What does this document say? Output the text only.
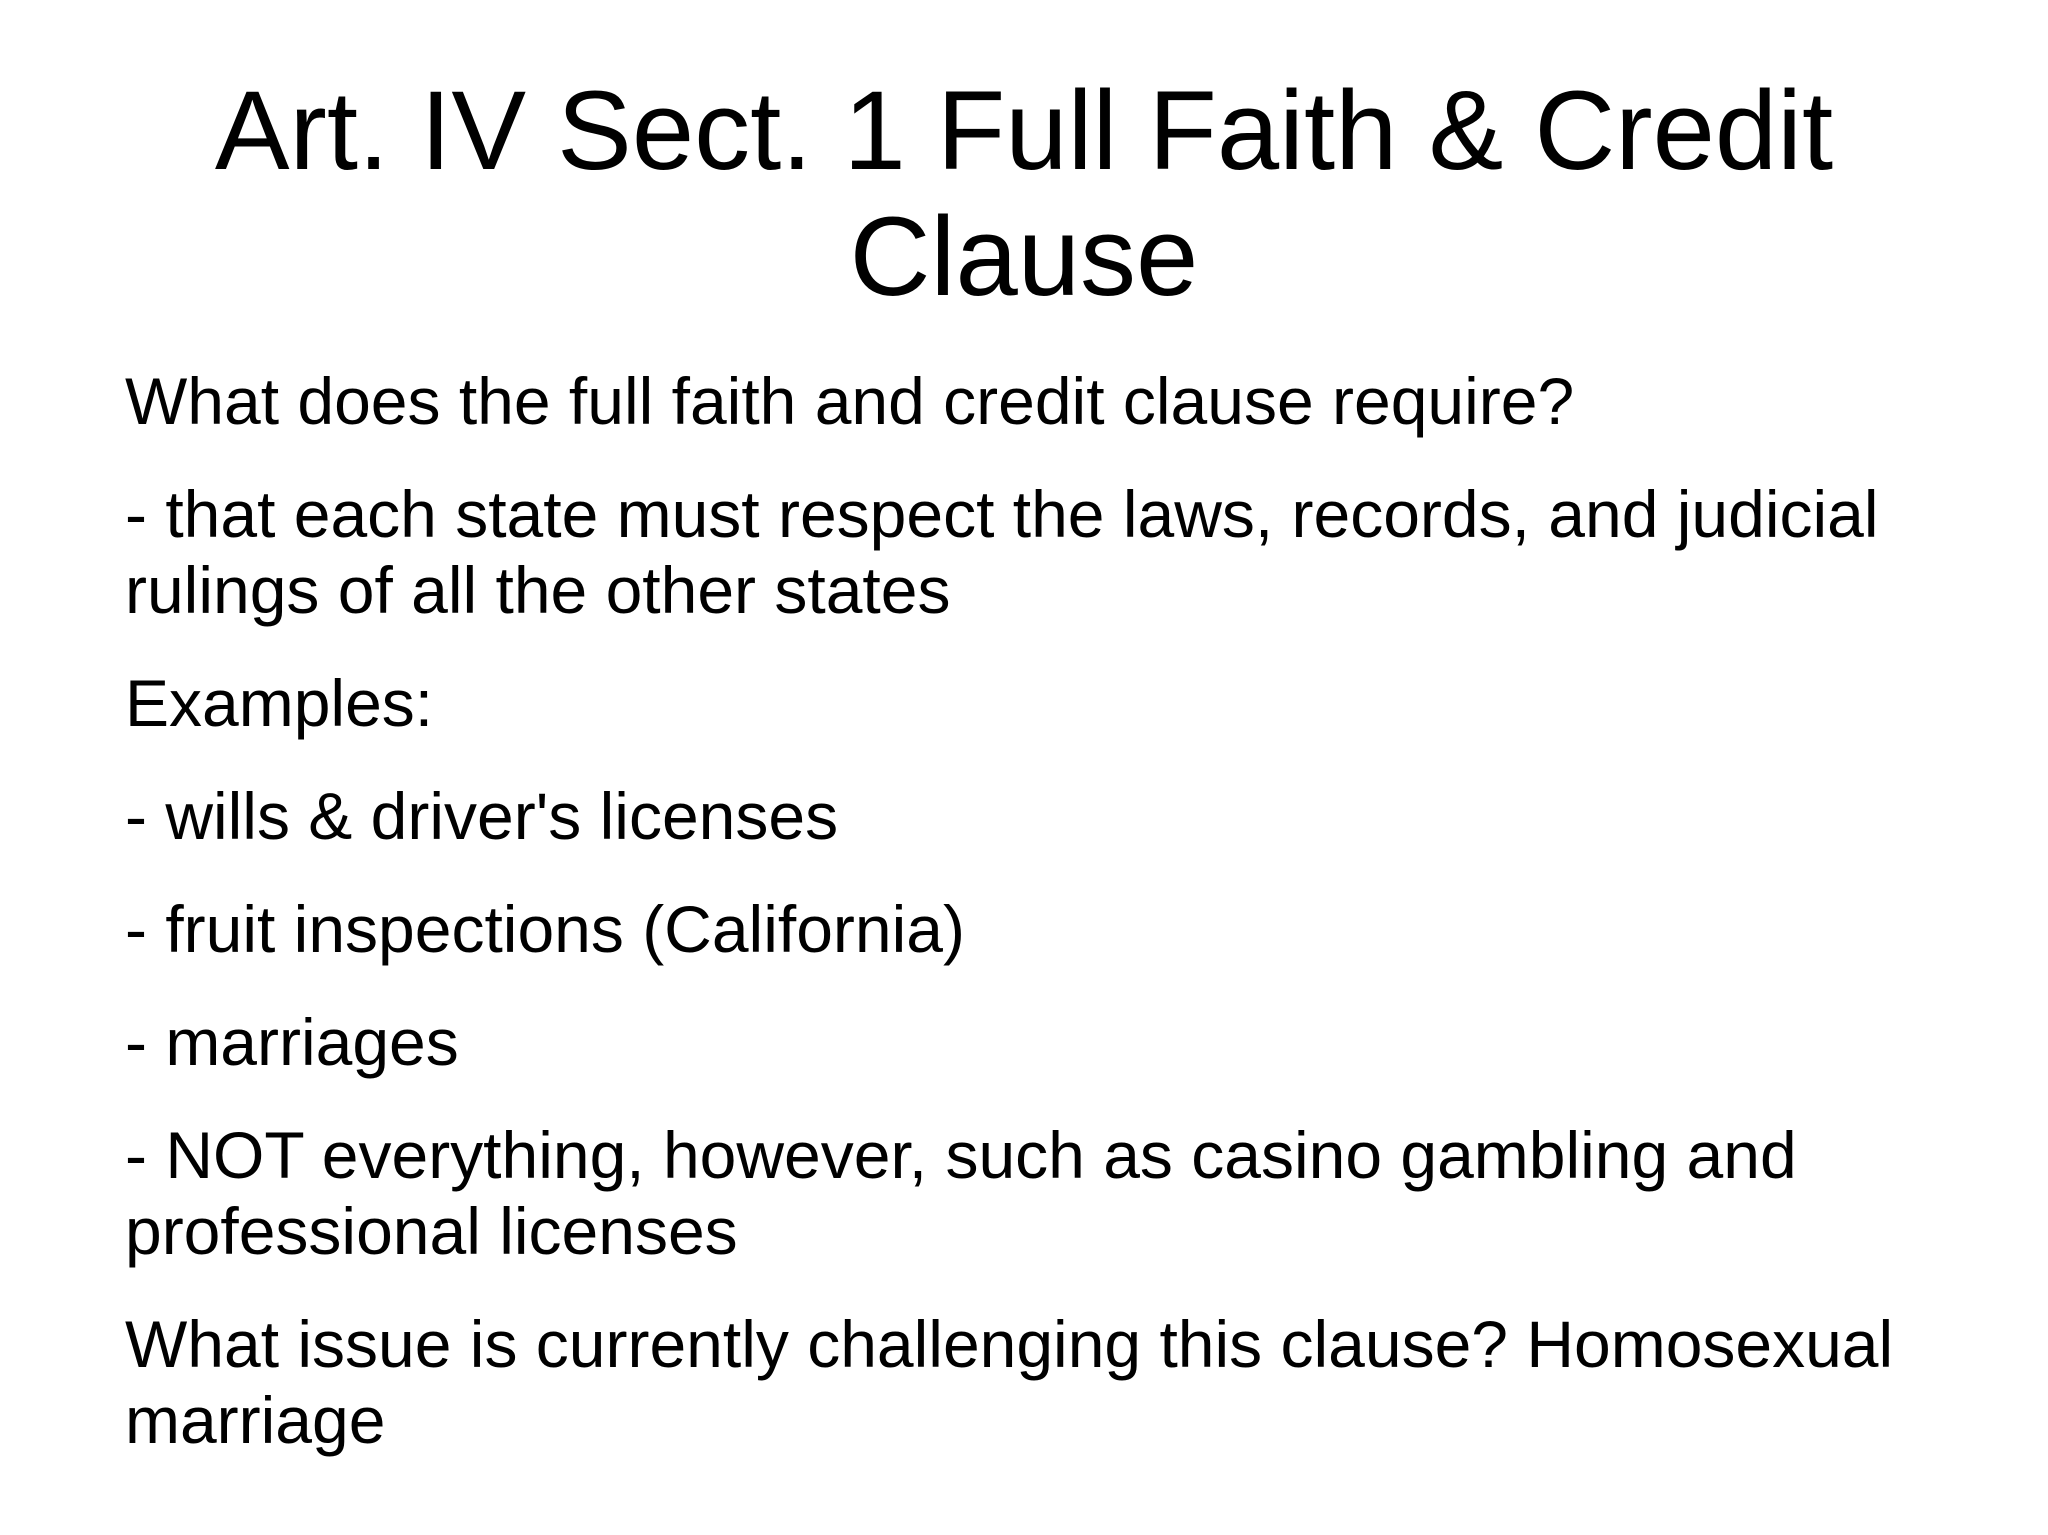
Art. IV Sect. 1 Full Faith & Credit
Clause

What does the full faith and credit clause require?

- that each state must respect the laws, records, and judicial
rulings of all the other states

Examples:

- wills & driver's licenses

- fruit inspections (California)

- marriages

- NOT everything, however, such as casino gambling and
professional licenses

What issue is currently challenging this clause? Homosexual
marriage
